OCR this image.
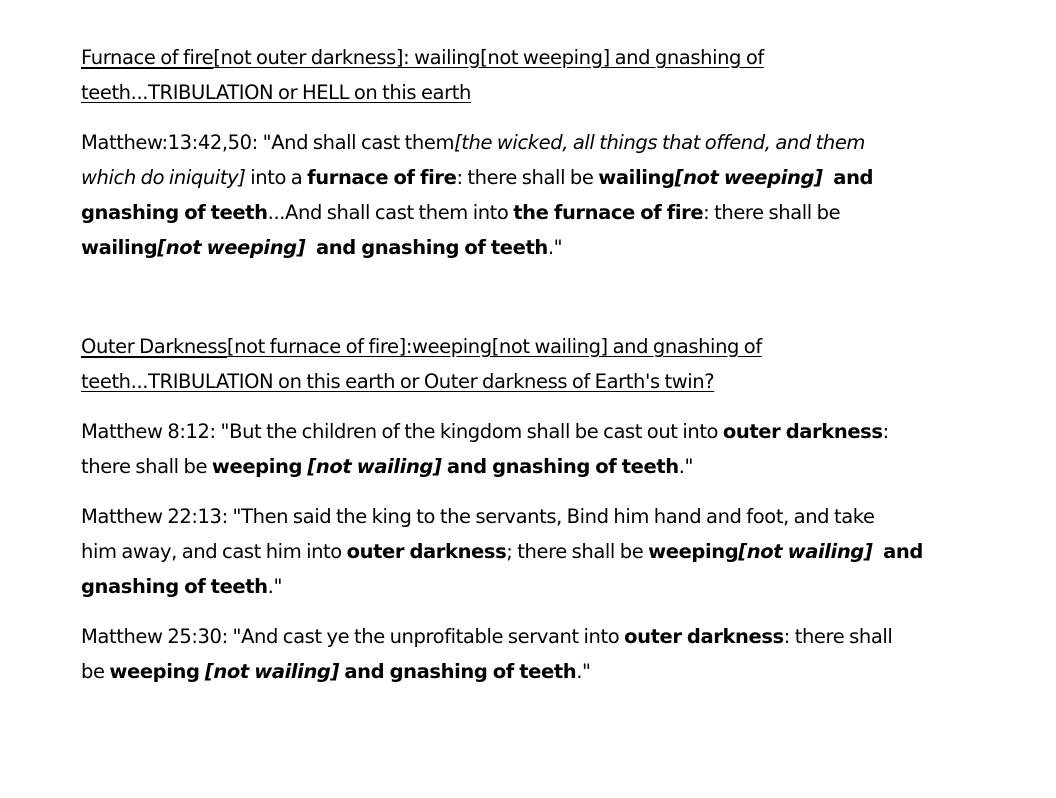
Furnace of fire[not outer darkness]: wailing[not weeping] and gnashing of

teeth...TRIBULATION or HELL on this earth

Matthew:13:42,50: "And shall cast them[the wicked, all things that offend, and them

which do iniquity] into a furnace of fire: there shall be wailing[not weeping]  and

gnashing of teeth...And shall cast them into the furnace of fire: there shall be

wailing[not weeping]  and gnashing of teeth."

Outer Darkness[not furnace of fire]:weeping[not wailing] and gnashing of

teeth...TRIBULATION on this earth or Outer darkness of Earth's twin?

Matthew 8:12: "But the children of the kingdom shall be cast out into outer darkness:

there shall be weeping [not wailing] and gnashing of teeth."

Matthew 22:13: "Then said the king to the servants, Bind him hand and foot, and take

him away, and cast him into outer darkness; there shall be weeping[not wailing]  and

gnashing of teeth."

Matthew 25:30: "And cast ye the unprofitable servant into outer darkness: there shall

be weeping [not wailing] and gnashing of teeth."
